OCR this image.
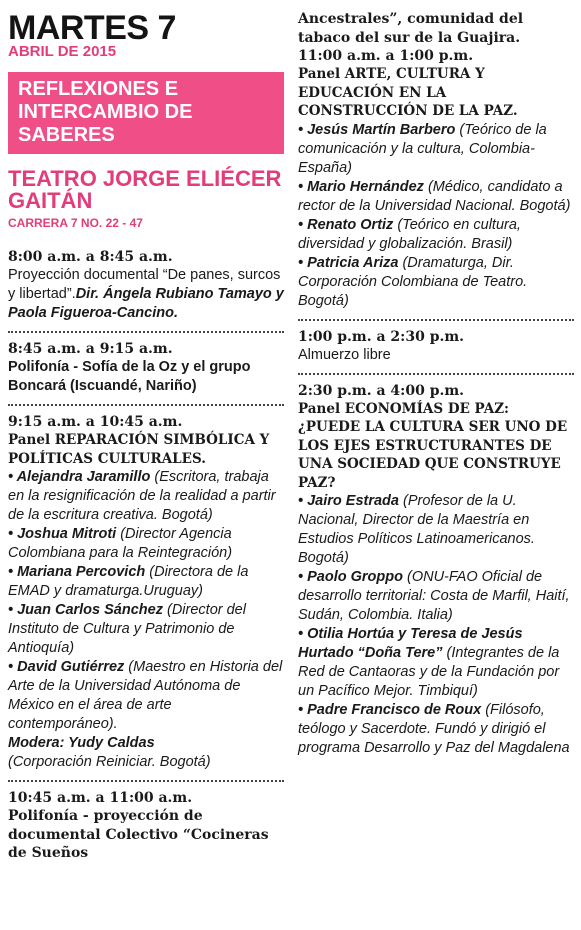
MARTES 7
ABRIL DE 2015
REFLEXIONES E
INTERCAMBIO DE SABERES
TEATRO JORGE ELIÉCER
GAITÁN
CARRERA 7 NO. 22 - 47
8:00 a.m. a 8:45 a.m.
Proyección documental “De panes, surcos y libertad”.Dir. Ángela Rubiano Tamayo y Paola Figueroa-Cancino.
8:45 a.m. a 9:15 a.m.
Polifonía - Sofía de la Oz y el grupo Boncará (Iscuandé, Nariño)
9:15 a.m. a 10:45 a.m.
Panel REPARACIÓN SIMBÓLICA Y POLÍTICAS CULTURALES.
• Alejandra Jaramillo (Escritora, trabaja en la resignificación de la realidad a partir de la escritura creativa. Bogotá)
• Joshua Mitroti (Director Agencia Colombiana para la Reintegración)
• Mariana Percovich (Directora de la EMAD y dramaturga.Uruguay)
• Juan Carlos Sánchez (Director del Instituto de Cultura y Patrimonio de Antioquía)
• David Gutiérrez (Maestro en Historia del Arte de la Universidad Autónoma de México en el área de arte contemporáneo).
Modera: Yudy Caldas
(Corporación Reiniciar. Bogotá)
10:45 a.m. a 11:00 a.m.
Polifonía - proyección de documental Colectivo “Cocineras de Sueños
Ancestrales”, comunidad del tabaco del sur de la Guajira.
11:00 a.m. a 1:00 p.m.
Panel ARTE, CULTURA Y EDUCACIÓN EN LA CONSTRUCCIÓN DE LA PAZ.
• Jesús Martín Barbero (Teórico de la comunicación y la cultura, Colombia-España)
• Mario Hernández (Médico, candidato a rector de la Universidad Nacional. Bogotá)
• Renato Ortiz (Teórico en cultura, diversidad y globalización. Brasil)
• Patricia Ariza (Dramaturga, Dir. Corporación Colombiana de Teatro. Bogotá)
1:00 p.m. a 2:30 p.m.
Almuerzo libre
2:30 p.m. a 4:00 p.m.
Panel ECONOMÍAS DE PAZ: ¿PUEDE LA CULTURA SER UNO DE LOS EJES ESTRUCTURANTES DE UNA SOCIEDAD QUE CONSTRUYE PAZ?
• Jairo Estrada (Profesor de la U. Nacional, Director de la Maestría en Estudios Políticos Latinoamericanos. Bogotá)
• Paolo Groppo (ONU-FAO Oficial de desarrollo territorial: Costa de Marfil, Haití, Sudán, Colombia. Italia)
• Otilia Hortúa y Teresa de Jesús Hurtado “Doña Tere” (Integrantes de la Red de Cantaoras y de la Fundación por un Pacífico Mejor. Timbiquí)
• Padre Francisco de Roux (Filósofo, teólogo y Sacerdote. Fundó y dirigió el programa Desarrollo y Paz del Magdalena
